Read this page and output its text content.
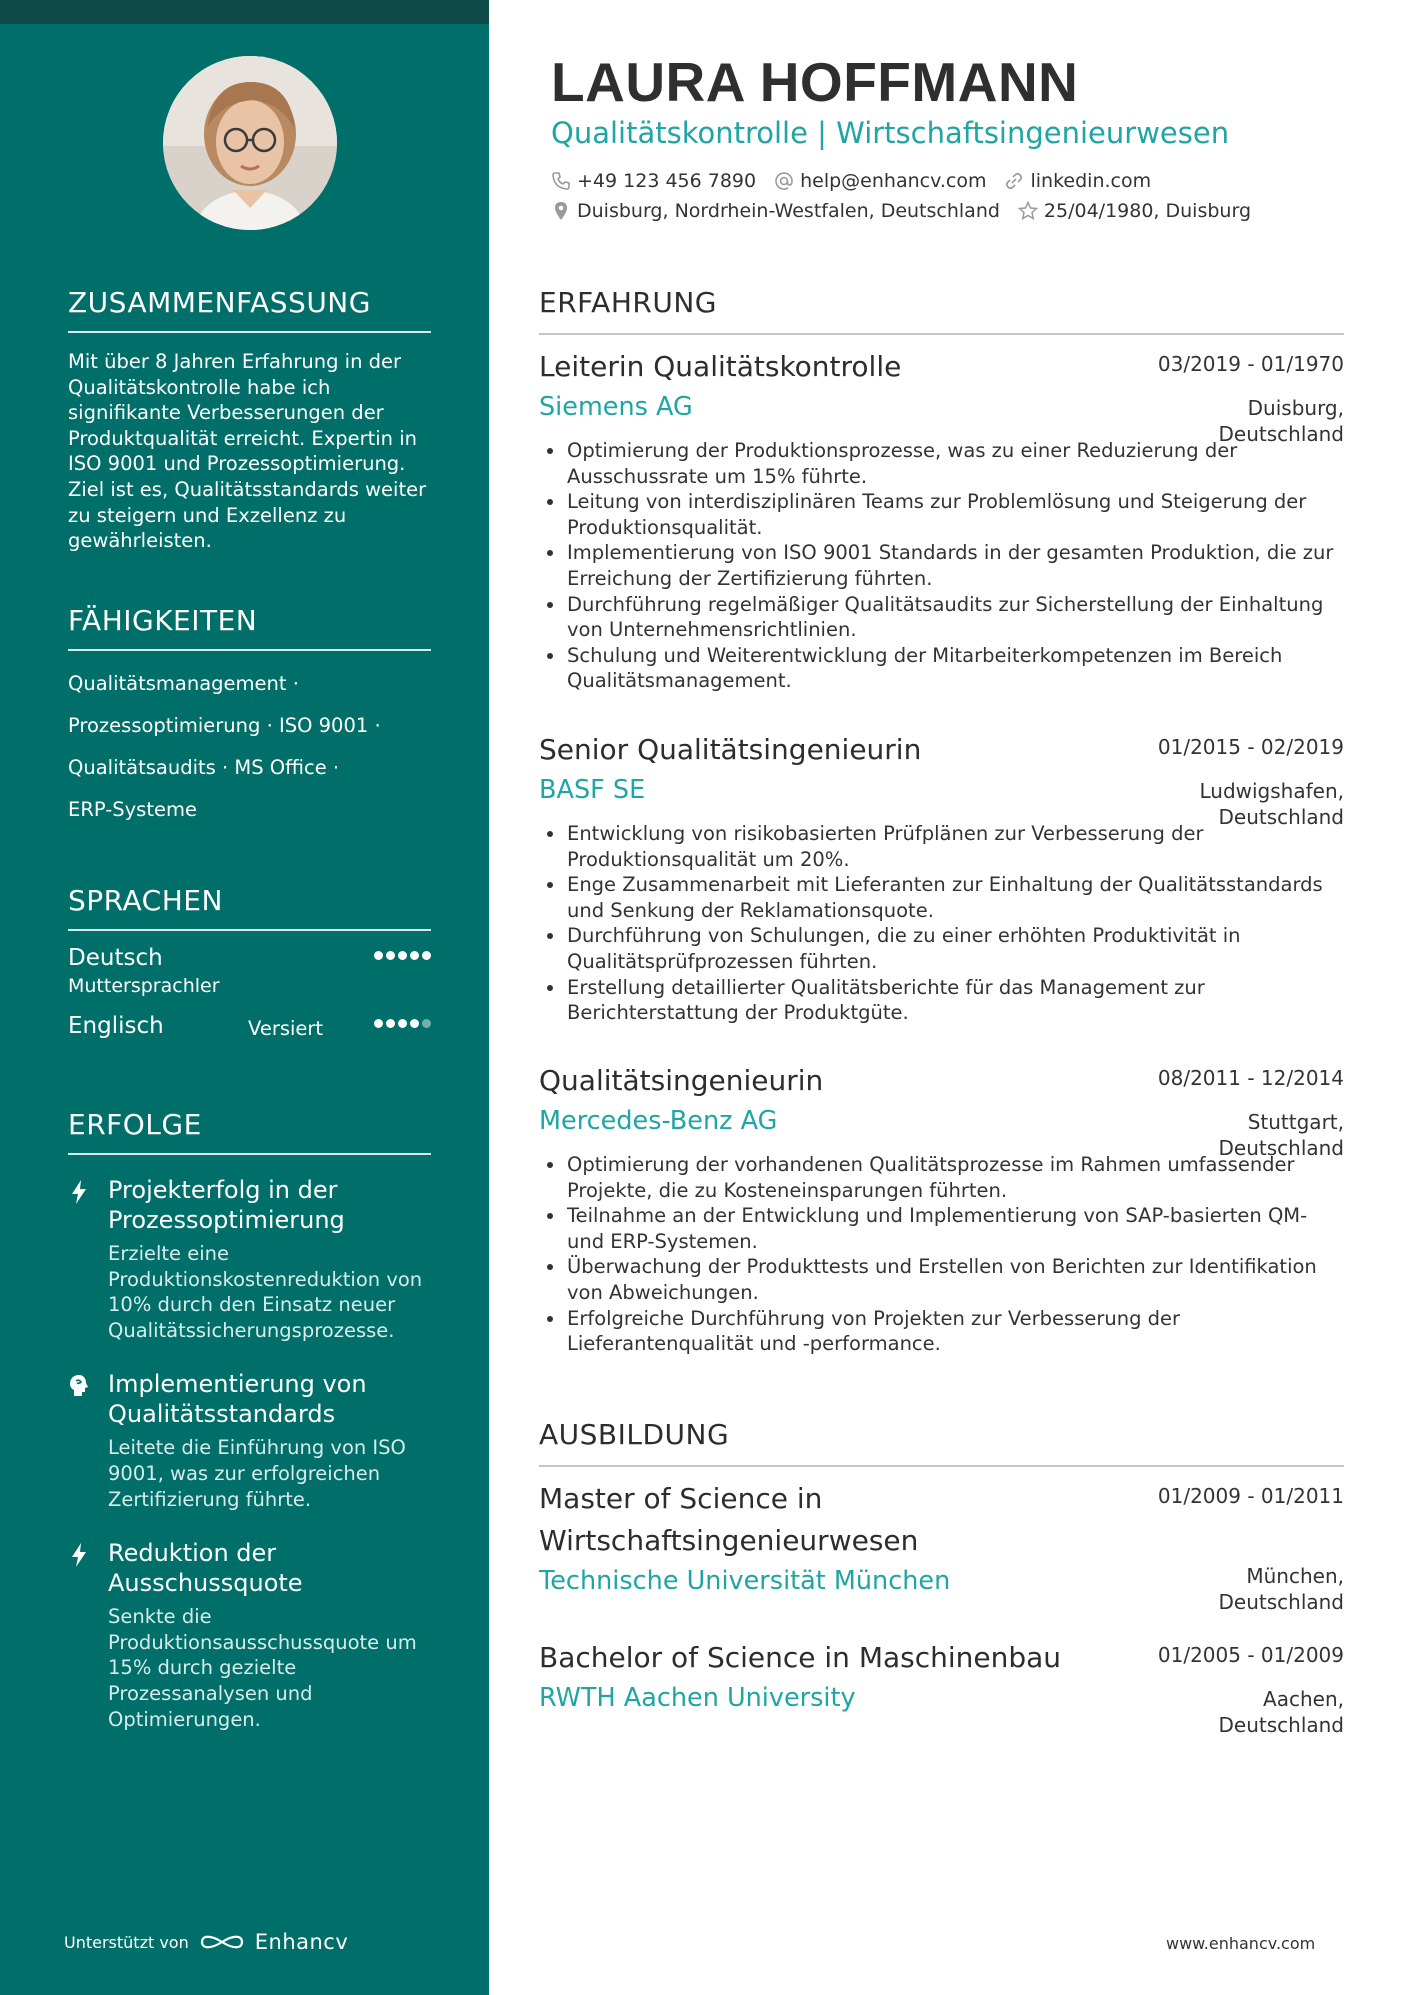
ZUSAMMENFASSUNG
Mit über 8 Jahren Erfahrung in der Qualitätskontrolle habe ich signifikante Verbesserungen der Produktqualität erreicht. Expertin in ISO 9001 und Prozessoptimierung. Ziel ist es, Qualitätsstandards weiter zu steigern und Exzellenz zu gewährleisten.
FÄHIGKEITEN
Qualitätsmanagement ·
Prozessoptimierung · ISO 9001 ·
Qualitätsaudits · MS Office ·
ERP-Systeme
SPRACHEN
Deutsch
Muttersprachler
Englisch	Versiert
ERFOLGE
Projekterfolg in der Prozessoptimierung
Erzielte eine Produktionskostenreduktion von 10% durch den Einsatz neuer Qualitätssicherungsprozesse.
Implementierung von Qualitätsstandards
Leitete die Einführung von ISO 9001, was zur erfolgreichen Zertifizierung führte.
Reduktion der Ausschussquote
Senkte die Produktionsausschussquote um 15% durch gezielte Prozessanalysen und Optimierungen.
Unterstützt von	Enhancv
LAURA HOFFMANN
Qualitätskontrolle | Wirtschaftsingenieurwesen
+49 123 456 7890 help@enhancv.com linkedin.com
Duisburg, Nordrhein-Westfalen, Deutschland 25/04/1980, Duisburg
ERFAHRUNG
Leiterin Qualitätskontrolle	03/2019 - 01/1970
Siemens AG	Duisburg,
Deutschland
Optimierung der Produktionsprozesse, was zu einer Reduzierung der Ausschussrate um 15% führte.
Leitung von interdisziplinären Teams zur Problemlösung und Steigerung der Produktionsqualität.
Implementierung von ISO 9001 Standards in der gesamten Produktion, die zur Erreichung der Zertifizierung führten.
Durchführung regelmäßiger Qualitätsaudits zur Sicherstellung der Einhaltung von Unternehmensrichtlinien.
Schulung und Weiterentwicklung der Mitarbeiterkompetenzen im Bereich Qualitätsmanagement.
Senior Qualitätsingenieurin	01/2015 - 02/2019
BASF SE	Ludwigshafen,
Deutschland
Entwicklung von risikobasierten Prüfplänen zur Verbesserung der Produktionsqualität um 20%.
Enge Zusammenarbeit mit Lieferanten zur Einhaltung der Qualitätsstandards und Senkung der Reklamationsquote.
Durchführung von Schulungen, die zu einer erhöhten Produktivität in Qualitätsprüfprozessen führten.
Erstellung detaillierter Qualitätsberichte für das Management zur Berichterstattung der Produktgüte.
Qualitätsingenieurin	08/2011 - 12/2014
Mercedes-Benz AG	Stuttgart,
Deutschland
Optimierung der vorhandenen Qualitätsprozesse im Rahmen umfassender Projekte, die zu Kosteneinsparungen führten.
Teilnahme an der Entwicklung und Implementierung von SAP-basierten QM- und ERP-Systemen.
Überwachung der Produkttests und Erstellen von Berichten zur Identifikation von Abweichungen.
Erfolgreiche Durchführung von Projekten zur Verbesserung der Lieferantenqualität und -performance.
AUSBILDUNG
Master of Science in
Wirtschaftsingenieurwesen
01/2009 - 01/2011
Technische Universität München	München,
Deutschland
Bachelor of Science in Maschinenbau	01/2005 - 01/2009
RWTH Aachen University	Aachen,
Deutschland
www.enhancv.com
